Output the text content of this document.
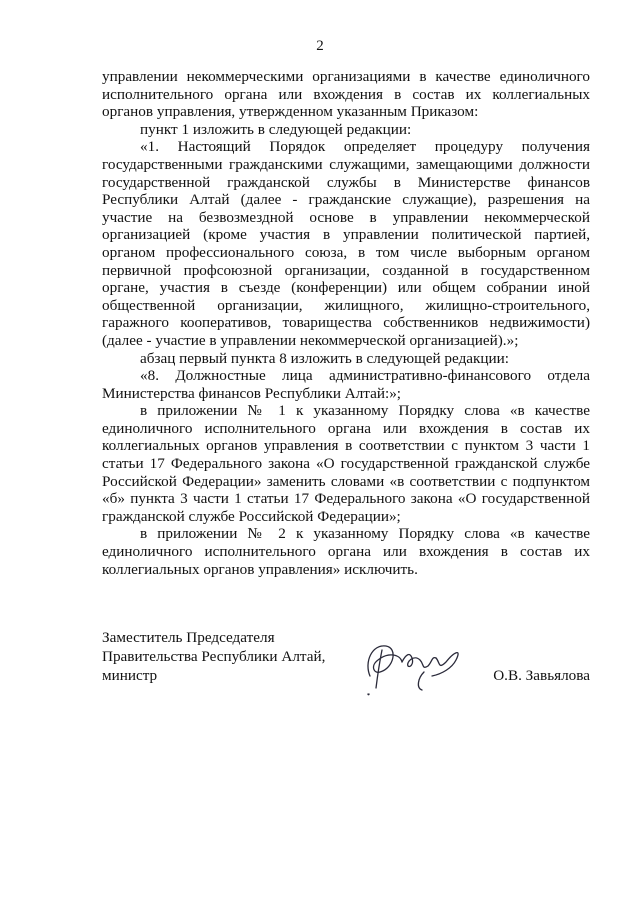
2

управлении некоммерческими организациями в качестве единоличного исполнительного органа или вхождения в состав их коллегиальных органов управления, утвержденном указанным Приказом:

пункт 1 изложить в следующей редакции:

«1. Настоящий Порядок определяет процедуру получения государственными гражданскими служащими, замещающими должности государственной гражданской службы в Министерстве финансов Республики Алтай (далее - гражданские служащие), разрешения на участие на безвозмездной основе в управлении некоммерческой организацией (кроме участия в управлении политической партией, органом профессионального союза, в том числе выборным органом первичной профсоюзной организации, созданной в государственном органе, участия в съезде (конференции) или общем собрании иной общественной организации, жилищного, жилищно-строительного, гаражного кооперативов, товарищества собственников недвижимости) (далее - участие в управлении некоммерческой организацией).»;

абзац первый пункта 8 изложить в следующей редакции:

«8. Должностные лица административно-финансового отдела Министерства финансов Республики Алтай:»;

в приложении № 1 к указанному Порядку слова «в качестве единоличного исполнительного органа или вхождения в состав их коллегиальных органов управления в соответствии с пунктом 3 части 1 статьи 17 Федерального закона «О государственной гражданской службе Российской Федерации» заменить словами «в соответствии с подпунктом «б» пункта 3 части 1 статьи 17 Федерального закона «О государственной гражданской службе Российской Федерации»;

в приложении № 2 к указанному Порядку слова «в качестве единоличного исполнительного органа или вхождения в состав их коллегиальных органов управления» исключить.

Заместитель Председателя
Правительства Республики Алтай,
министр	О.В. Завьялова
